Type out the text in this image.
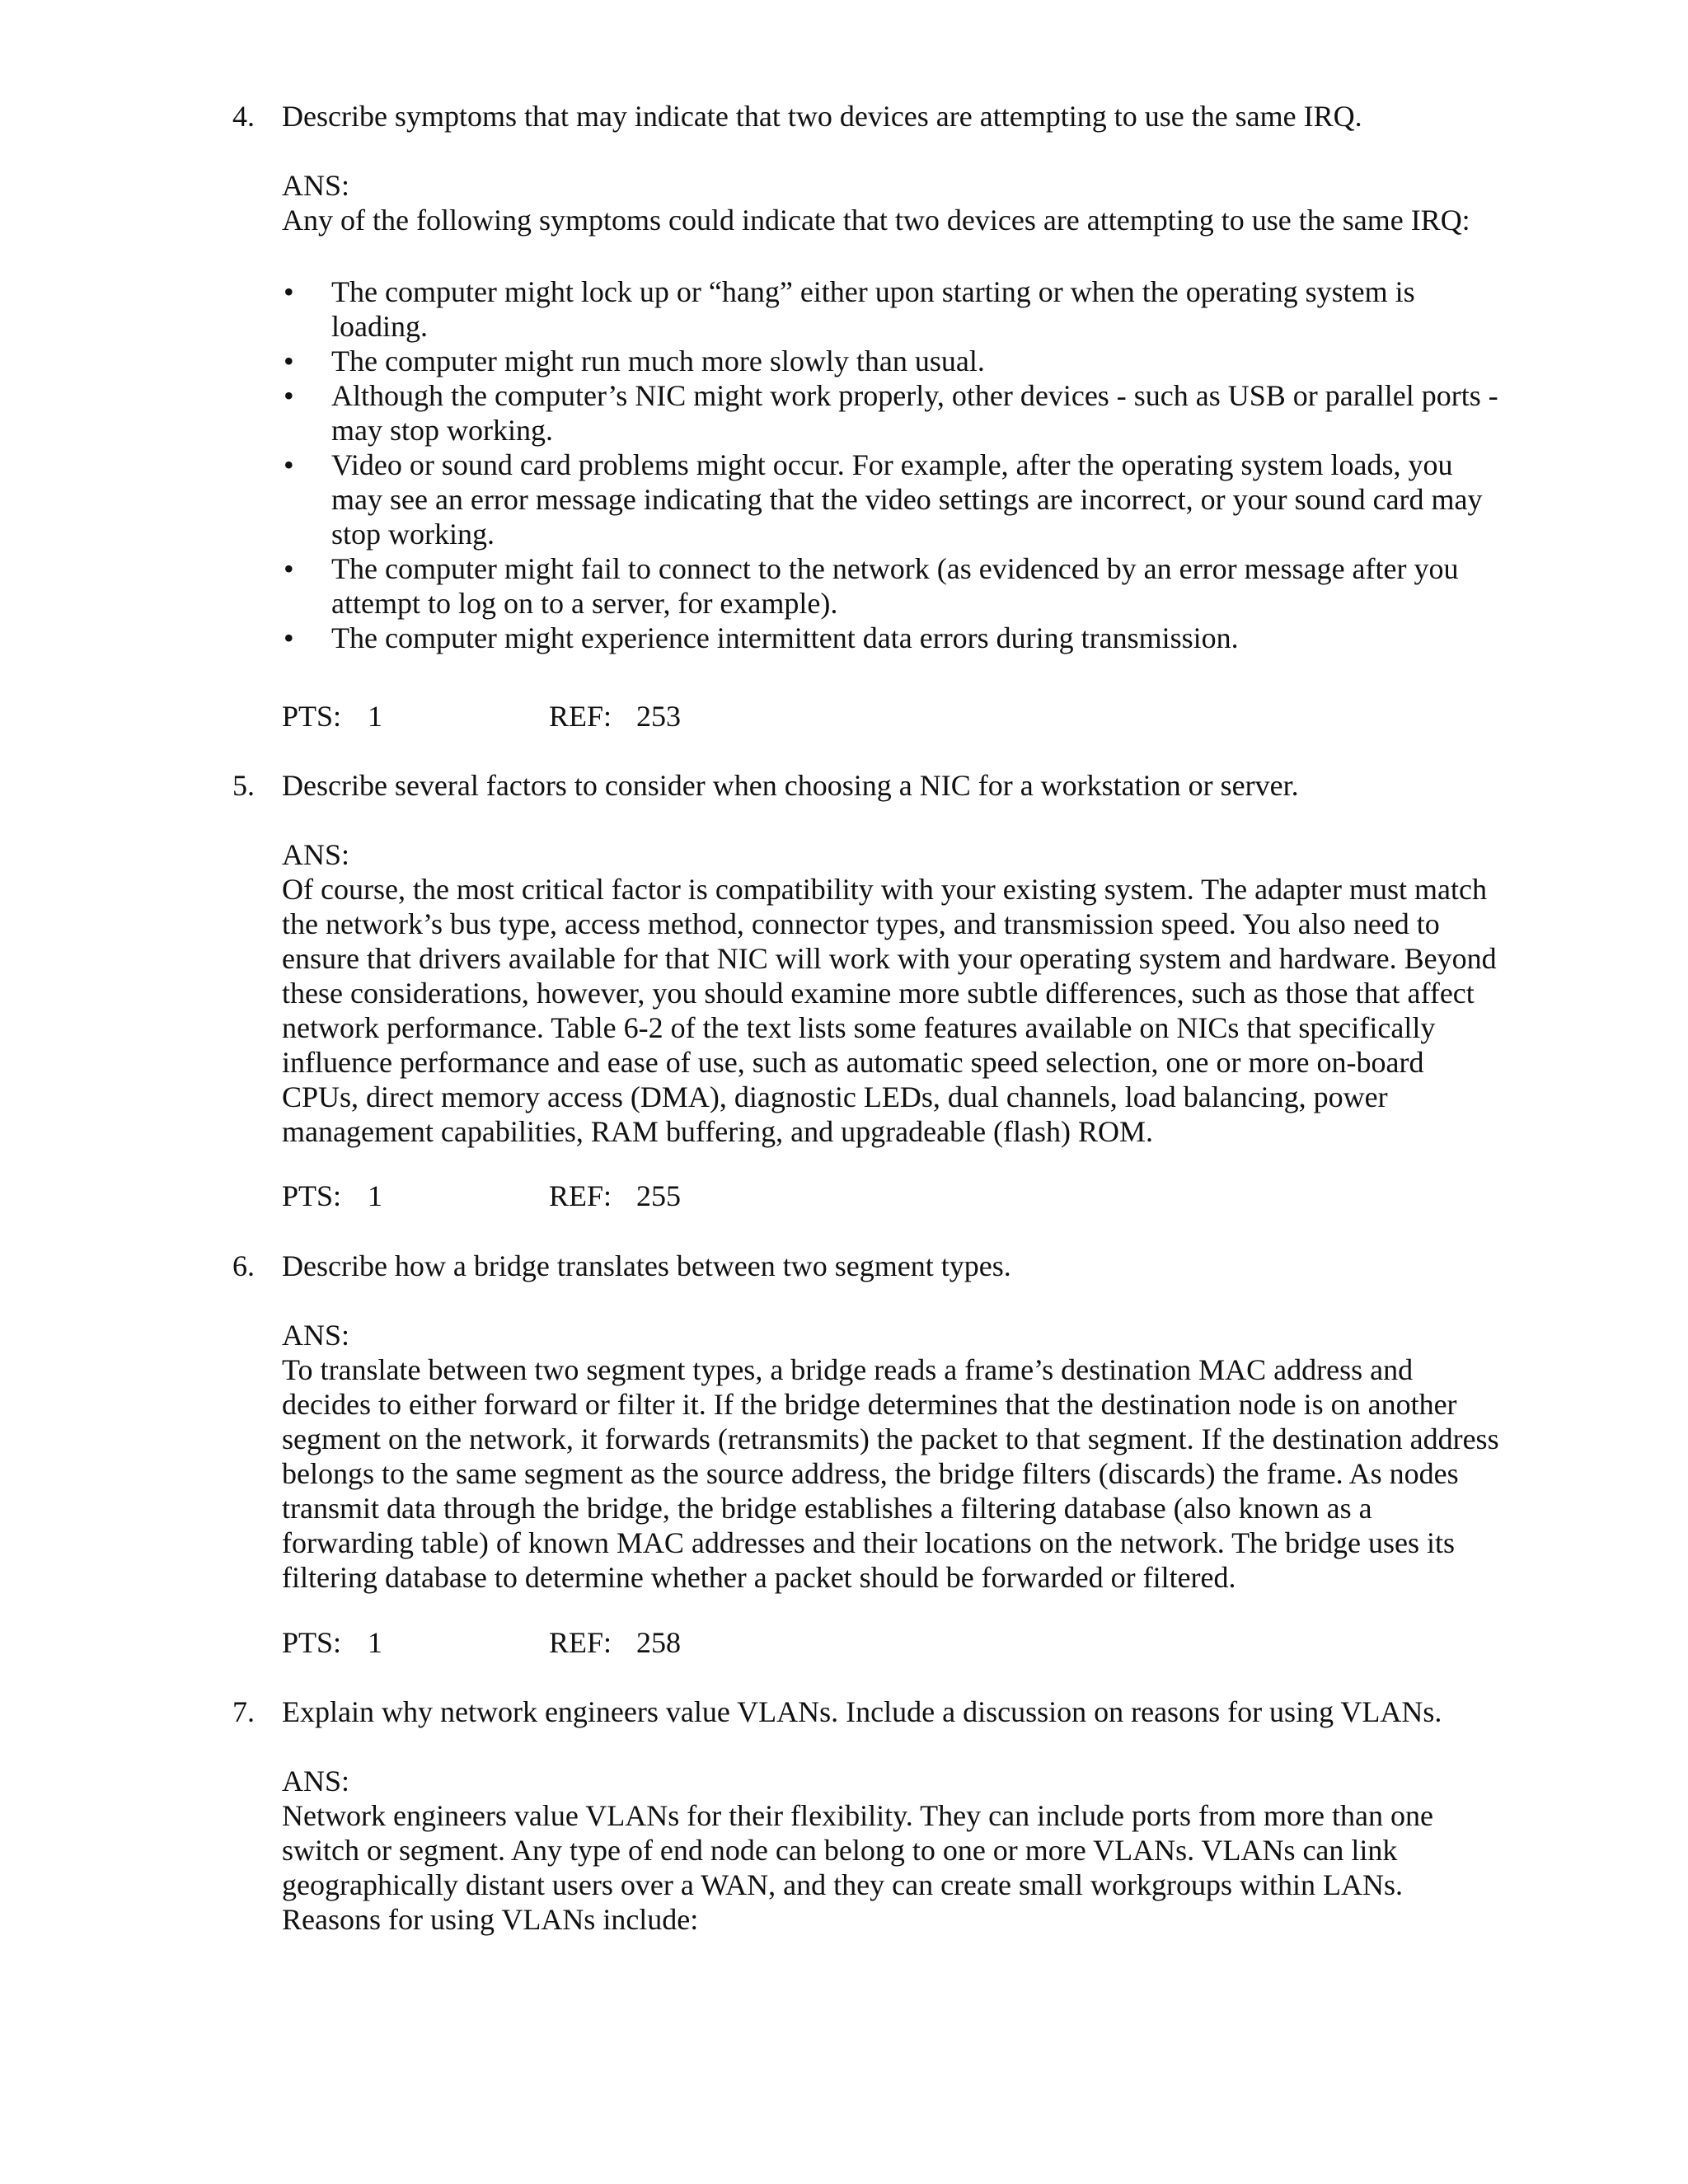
4. Describe symptoms that may indicate that two devices are attempting to use the same IRQ.
ANS:
Any of the following symptoms could indicate that two devices are attempting to use the same IRQ:
• The computer might lock up or “hang” either upon starting or when the operating system is
loading.
• The computer might run much more slowly than usual.
• Although the computer’s NIC might work properly, other devices - such as USB or parallel ports -
may stop working.
• Video or sound card problems might occur. For example, after the operating system loads, you
may see an error message indicating that the video settings are incorrect, or your sound card may
stop working.
• The computer might fail to connect to the network (as evidenced by an error message after you
attempt to log on to a server, for example).
• The computer might experience intermittent data errors during transmission.
PTS: 1	REF: 253
5. Describe several factors to consider when choosing a NIC for a workstation or server.
ANS:
Of course, the most critical factor is compatibility with your existing system. The adapter must match
the network’s bus type, access method, connector types, and transmission speed. You also need to
ensure that drivers available for that NIC will work with your operating system and hardware. Beyond
these considerations, however, you should examine more subtle differences, such as those that affect
network performance. Table 6-2 of the text lists some features available on NICs that specifically
influence performance and ease of use, such as automatic speed selection, one or more on-board
CPUs, direct memory access (DMA), diagnostic LEDs, dual channels, load balancing, power
management capabilities, RAM buffering, and upgradeable (flash) ROM.
PTS: 1	REF: 255
6. Describe how a bridge translates between two segment types.
ANS:
To translate between two segment types, a bridge reads a frame’s destination MAC address and
decides to either forward or filter it. If the bridge determines that the destination node is on another
segment on the network, it forwards (retransmits) the packet to that segment. If the destination address
belongs to the same segment as the source address, the bridge filters (discards) the frame. As nodes
transmit data through the bridge, the bridge establishes a filtering database (also known as a
forwarding table) of known MAC addresses and their locations on the network. The bridge uses its
filtering database to determine whether a packet should be forwarded or filtered.
PTS: 1	REF: 258
7. Explain why network engineers value VLANs. Include a discussion on reasons for using VLANs.
ANS:
Network engineers value VLANs for their flexibility. They can include ports from more than one
switch or segment. Any type of end node can belong to one or more VLANs. VLANs can link
geographically distant users over a WAN, and they can create small workgroups within LANs.
Reasons for using VLANs include:
